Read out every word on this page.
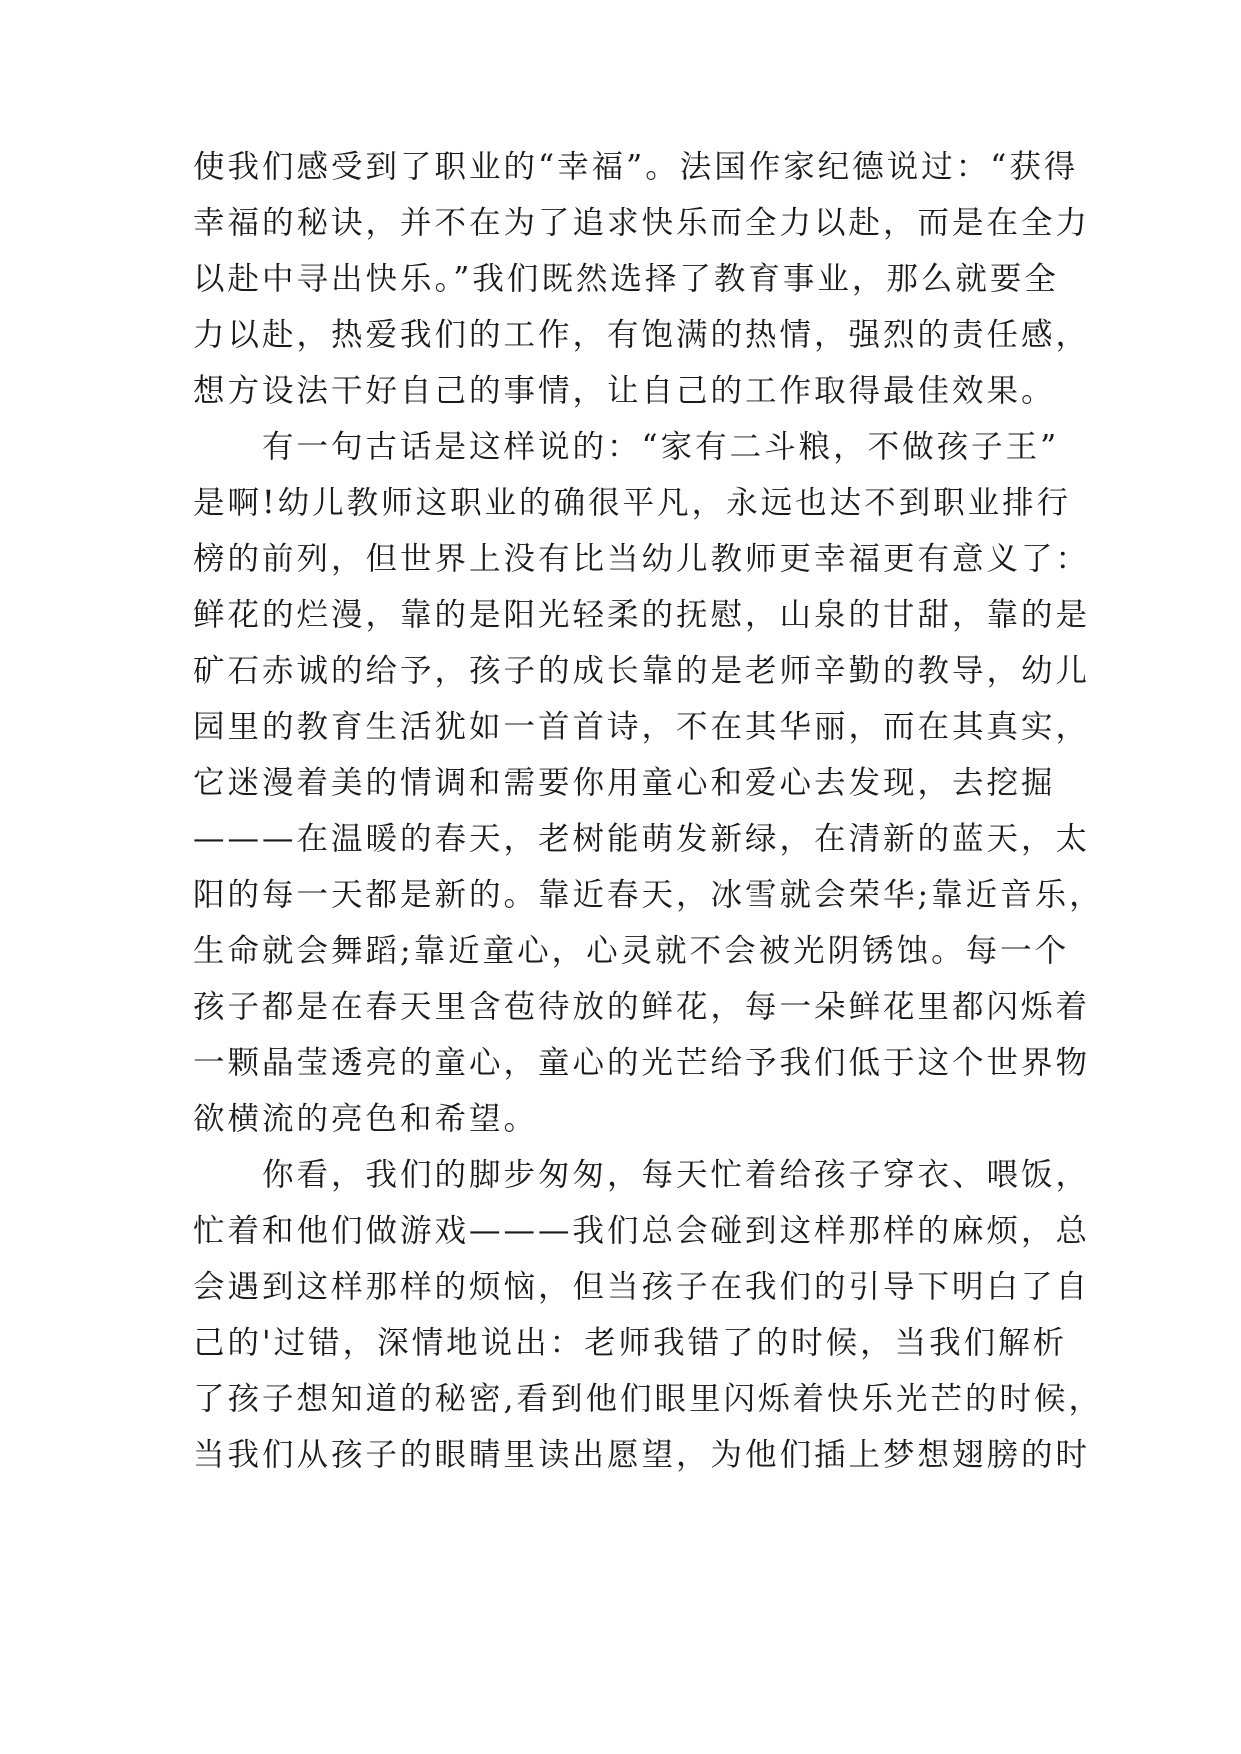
使我们感受到了职业的“幸福”。法国作家纪德说过：“获得
幸福的秘诀，并不在为了追求快乐而全力以赴，而是在全力
以赴中寻出快乐。”我们既然选择了教育事业，那么就要全
力以赴，热爱我们的工作，有饱满的热情，强烈的责任感，
想方设法干好自己的事情，让自己的工作取得最佳效果。
　　有一句古话是这样说的：“家有二斗粮，不做孩子王”
是啊!幼儿教师这职业的确很平凡，永远也达不到职业排行
榜的前列，但世界上没有比当幼儿教师更幸福更有意义了：
鲜花的烂漫，靠的是阳光轻柔的抚慰，山泉的甘甜，靠的是
矿石赤诚的给予，孩子的成长靠的是老师辛勤的教导，幼儿
园里的教育生活犹如一首首诗，不在其华丽，而在其真实，
它迷漫着美的情调和需要你用童心和爱心去发现，去挖掘
———在温暖的春天，老树能萌发新绿，在清新的蓝天，太
阳的每一天都是新的。靠近春天，冰雪就会荣华;靠近音乐，
生命就会舞蹈;靠近童心，心灵就不会被光阴锈蚀。每一个
孩子都是在春天里含苞待放的鲜花，每一朵鲜花里都闪烁着
一颗晶莹透亮的童心，童心的光芒给予我们低于这个世界物
欲横流的亮色和希望。
　　你看，我们的脚步匆匆，每天忙着给孩子穿衣、喂饭，
忙着和他们做游戏———我们总会碰到这样那样的麻烦，总
会遇到这样那样的烦恼，但当孩子在我们的引导下明白了自
己的'过错，深情地说出：老师我错了的时候，当我们解析
了孩子想知道的秘密,看到他们眼里闪烁着快乐光芒的时候，
当我们从孩子的眼睛里读出愿望，为他们插上梦想翅膀的时
